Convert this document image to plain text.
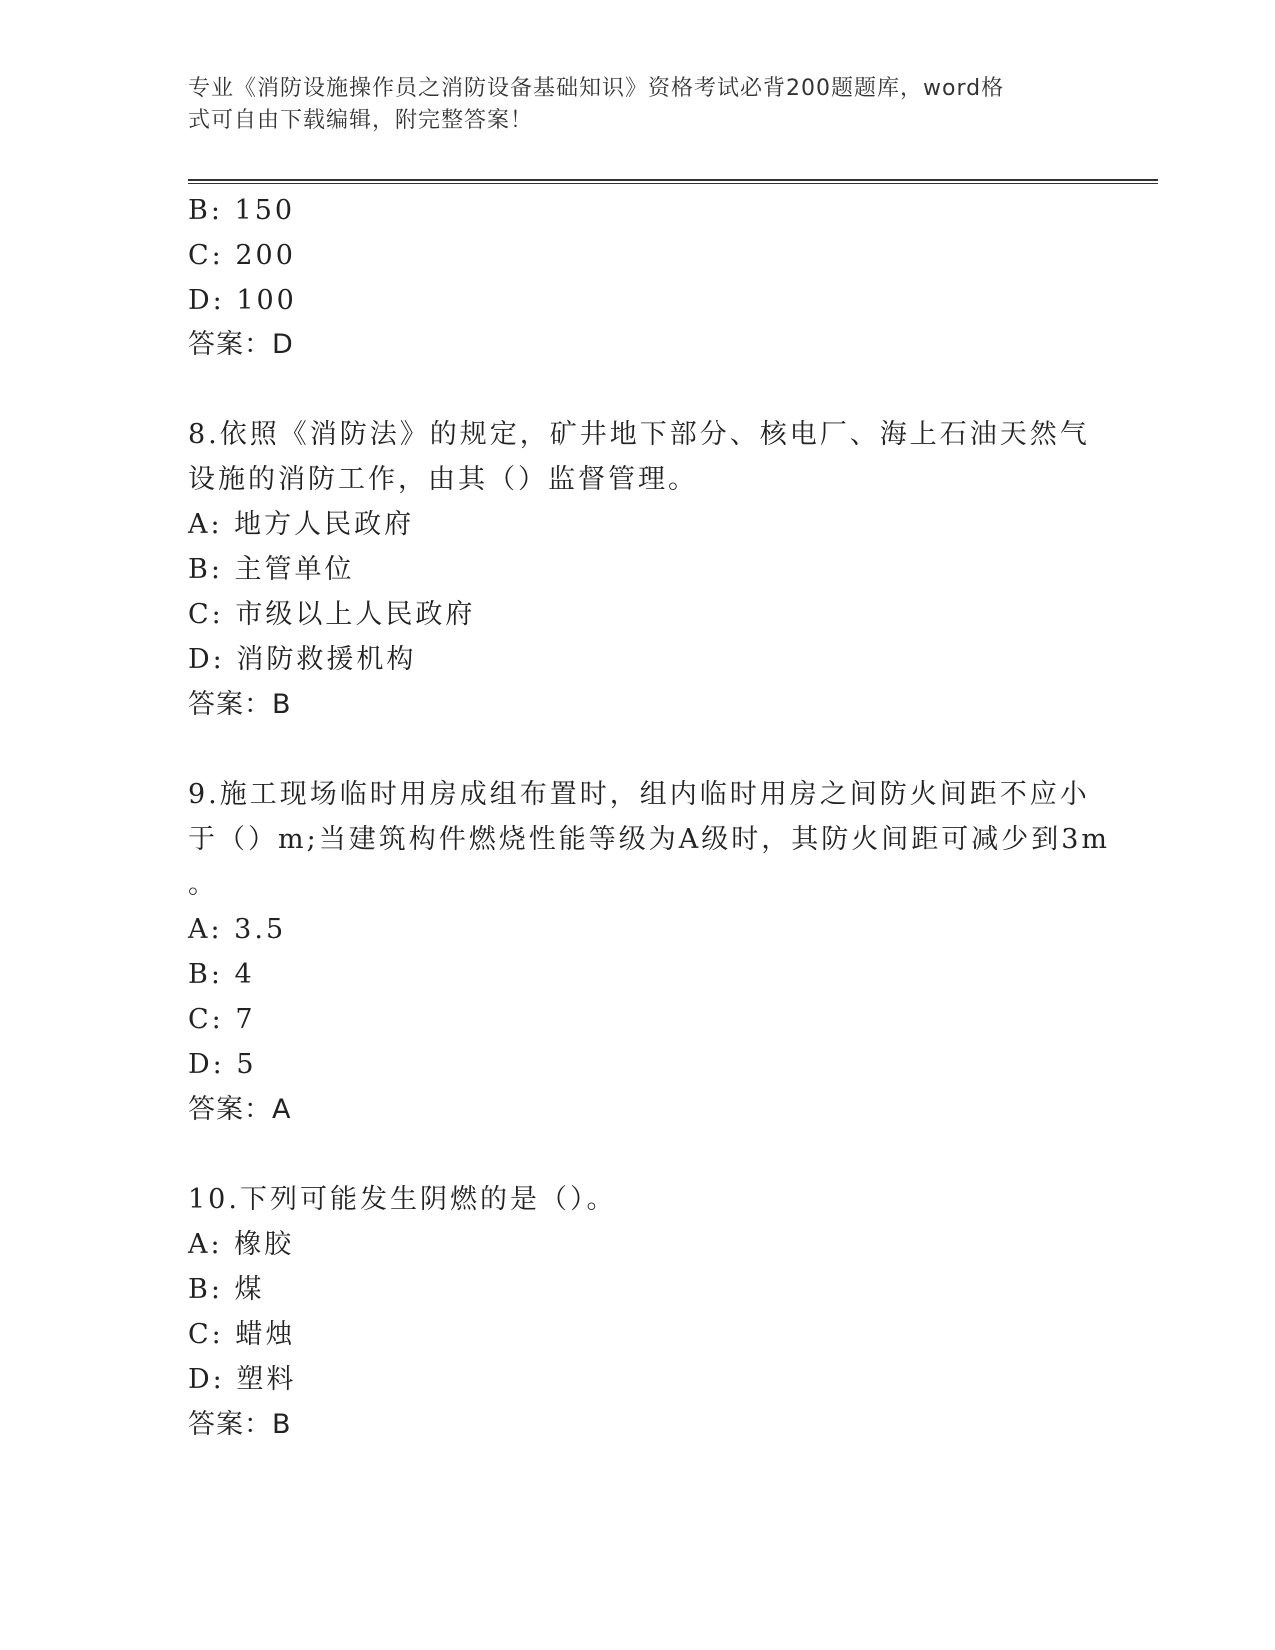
专业《消防设施操作员之消防设备基础知识》资格考试必背200题题库，word格
式可自由下载编辑，附完整答案！
B: 150
C: 200
D: 100
答案：D
8.依照《消防法》的规定，矿井地下部分、核电厂、海上石油天然气
设施的消防工作，由其（）监督管理。
A: 地方人民政府
B: 主管单位
C: 市级以上人民政府
D: 消防救援机构
答案：B
9.施工现场临时用房成组布置时，组内临时用房之间防火间距不应小
于（）m;当建筑构件燃烧性能等级为A级时，其防火间距可减少到3m
。
A: 3.5
B: 4
C: 7
D: 5
答案：A
10.下列可能发生阴燃的是（）。
A: 橡胶
B: 煤
C: 蜡烛
D: 塑料
答案：B
